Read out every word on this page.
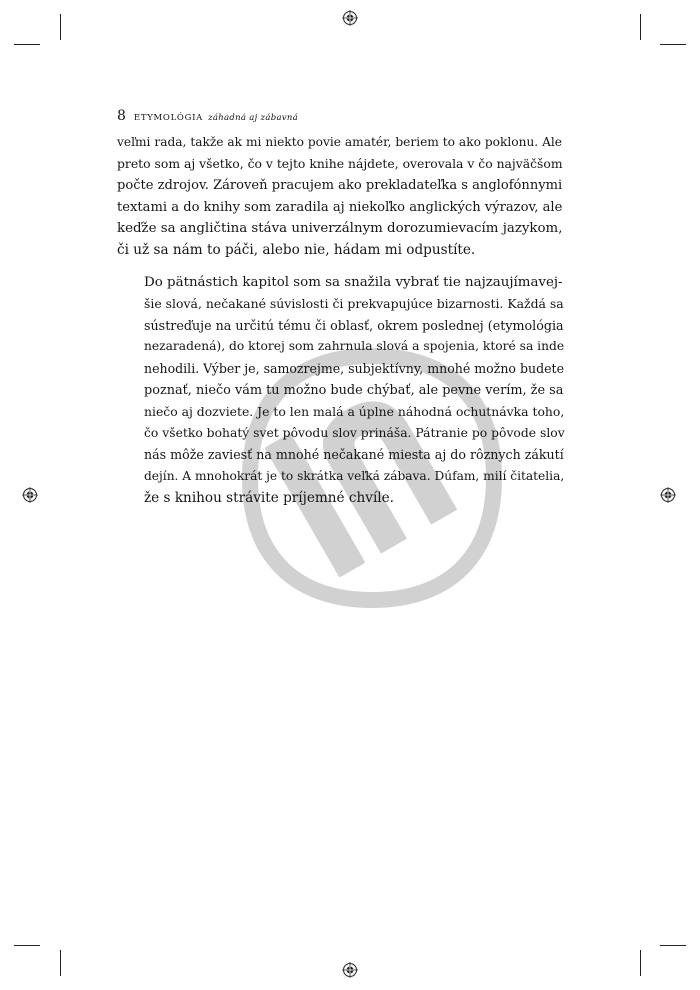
8 ETYMOLÓGIA záhadná aj zábavná

veľmi rada, takže ak mi niekto povie amatér, beriem to ako poklonu. Ale
preto som aj všetko, čo v tejto knihe nájdete, overovala v čo najväčšom
počte zdrojov. Zároveň pracujem ako prekladateľka s anglofónnymi
textami a do knihy som zaradila aj niekoľko anglických výrazov, ale
keďže sa angličtina stáva univerzálnym dorozumievacím jazykom,
či už sa nám to páči, alebo nie, hádam mi odpustíte.

Do pätnástich kapitol som sa snažila vybrať tie najzaujímavej-
šie slová, nečakané súvislosti či prekvapujúce bizarnosti. Každá sa
sústreďuje na určitú tému či oblasť, okrem poslednej (etymológia
nezaradená), do ktorej som zahrnula slová a spojenia, ktoré sa inde
nehodili. Výber je, samozrejme, subjektívny, mnohé možno budete
poznať, niečo vám tu možno bude chýbať, ale pevne verím, že sa
niečo aj dozviete. Je to len malá a úplne náhodná ochutnávka toho,
čo všetko bohatý svet pôvodu slov prináša. Pátranie po pôvode slov
nás môže zaviesť na mnohé nečakané miesta aj do rôznych zákutí
dejín. A mnohokrát je to skrátka veľká zábava. Dúfam, milí čitatelia,
že s knihou strávite príjemné chvíle.
